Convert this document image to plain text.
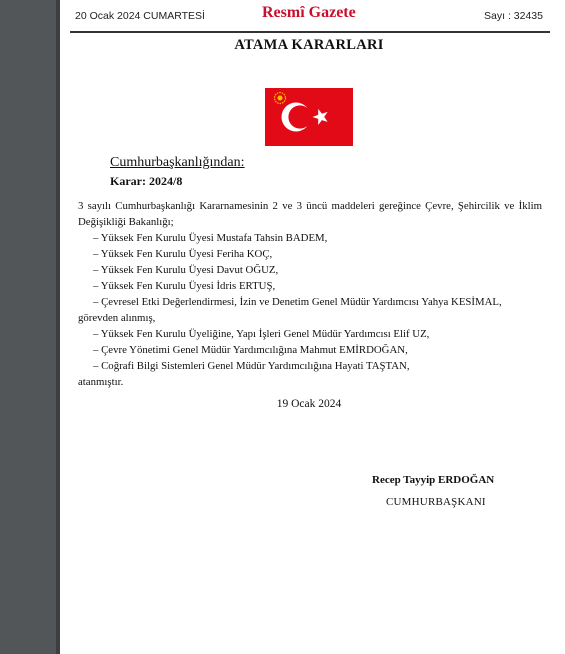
20 Ocak 2024 CUMARTESİ	Resmî Gazete	Sayı : 32435
ATAMA KARARLARI
Cumhurbaşkanlığından:
Karar: 2024/8
3 sayılı Cumhurbaşkanlığı Kararnamesinin 2 ve 3 üncü maddeleri gereğince Çevre, Şehircilik ve İklim Değişikliği Bakanlığı;
– Yüksek Fen Kurulu Üyesi Mustafa Tahsin BADEM,
– Yüksek Fen Kurulu Üyesi Feriha KOÇ,
– Yüksek Fen Kurulu Üyesi Davut OĞUZ,
– Yüksek Fen Kurulu Üyesi İdris ERTUŞ,
– Çevresel Etki Değerlendirmesi, İzin ve Denetim Genel Müdür Yardımcısı Yahya KESİMAL,
görevden alınmış,
– Yüksek Fen Kurulu Üyeliğine, Yapı İşleri Genel Müdür Yardımcısı Elif UZ,
– Çevre Yönetimi Genel Müdür Yardımcılığına Mahmut EMİRDOĞAN,
– Coğrafi Bilgi Sistemleri Genel Müdür Yardımcılığına Hayati TAŞTAN,
atanmıştır.
19 Ocak 2024
Recep Tayyip ERDOĞAN
CUMHURBAŞKANI
